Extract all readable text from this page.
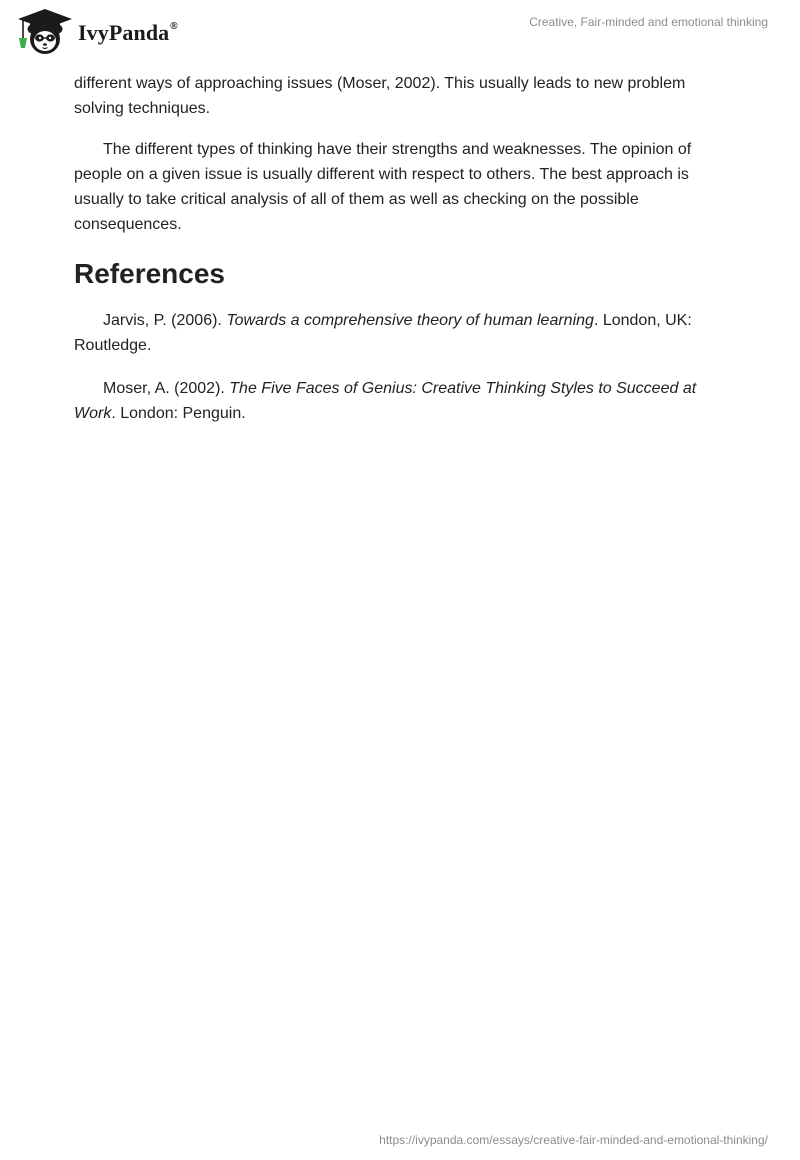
IvyPanda®	Creative, Fair-minded and emotional thinking

different ways of approaching issues (Moser, 2002). This usually leads to new problem solving techniques.

The different types of thinking have their strengths and weaknesses. The opinion of people on a given issue is usually different with respect to others. The best approach is usually to take critical analysis of all of them as well as checking on the possible consequences.

References

Jarvis, P. (2006). Towards a comprehensive theory of human learning. London, UK: Routledge.

Moser, A. (2002). The Five Faces of Genius: Creative Thinking Styles to Succeed at Work. London: Penguin.

https://ivypanda.com/essays/creative-fair-minded-and-emotional-thinking/
